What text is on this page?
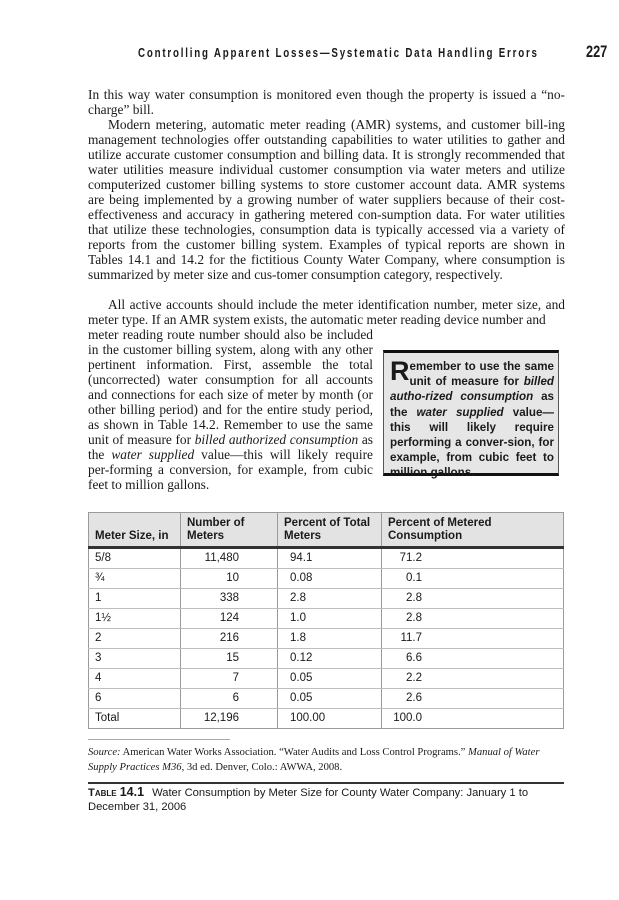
Controlling Apparent Losses—Systematic Data Handling Errors	227

In this way water consumption is monitored even though the property is issued a “no-charge” bill.

Modern metering, automatic meter reading (AMR) systems, and customer bill-ing management technologies offer outstanding capabilities to water utilities to gather and utilize accurate customer consumption and billing data. It is strongly recommended that water utilities measure individual customer consumption via water meters and utilize computerized customer billing systems to store customer account data. AMR systems are being implemented by a growing number of water suppliers because of their cost-effectiveness and accuracy in gathering metered con-sumption data. For water utilities that utilize these technologies, consumption data is typically accessed via a variety of reports from the customer billing system. Examples of typical reports are shown in Tables 14.1 and 14.2 for the fictitious County Water Company, where consumption is summarized by meter size and cus-tomer consumption category, respectively.

All active accounts should include the meter identification number, meter size, and meter type. If an AMR system exists, the automatic meter reading device number and

meter reading route number should also be included in the customer billing system, along with any other pertinent information. First, assemble the total (uncorrected) water consumption for all accounts and connections for each size of meter by month (or other billing period) and for the entire study period, as shown in Table 14.2. Remember to use the same unit of measure for billed authorized consumption as the water supplied value—this will likely require per-forming a conversion, for example, from cubic feet to million gallons.

Remember to use the same unit of measure for billed autho-rized consumption as the water supplied value—this will likely require performing a conver-sion, for example, from cubic feet to million gallons.
Meter Size, in	Number of Meters	Percent of Total Meters	Percent of Metered Consumption
5/8	11,480	94.1	71.2
¾	10	0.08	0.1
1	338	2.8	2.8
1½	124	1.0	2.8
2	216	1.8	11.7
3	15	0.12	6.6
4	7	0.05	2.2
6	6	0.05	2.6
Total	12,196	100.00	100.0
Source: American Water Works Association. “Water Audits and Loss Control Programs.” Manual of Water Supply Practices M36, 3d ed. Denver, Colo.: AWWA, 2008.
Table 14.1 Water Consumption by Meter Size for County Water Company: January 1 to December 31, 2006
